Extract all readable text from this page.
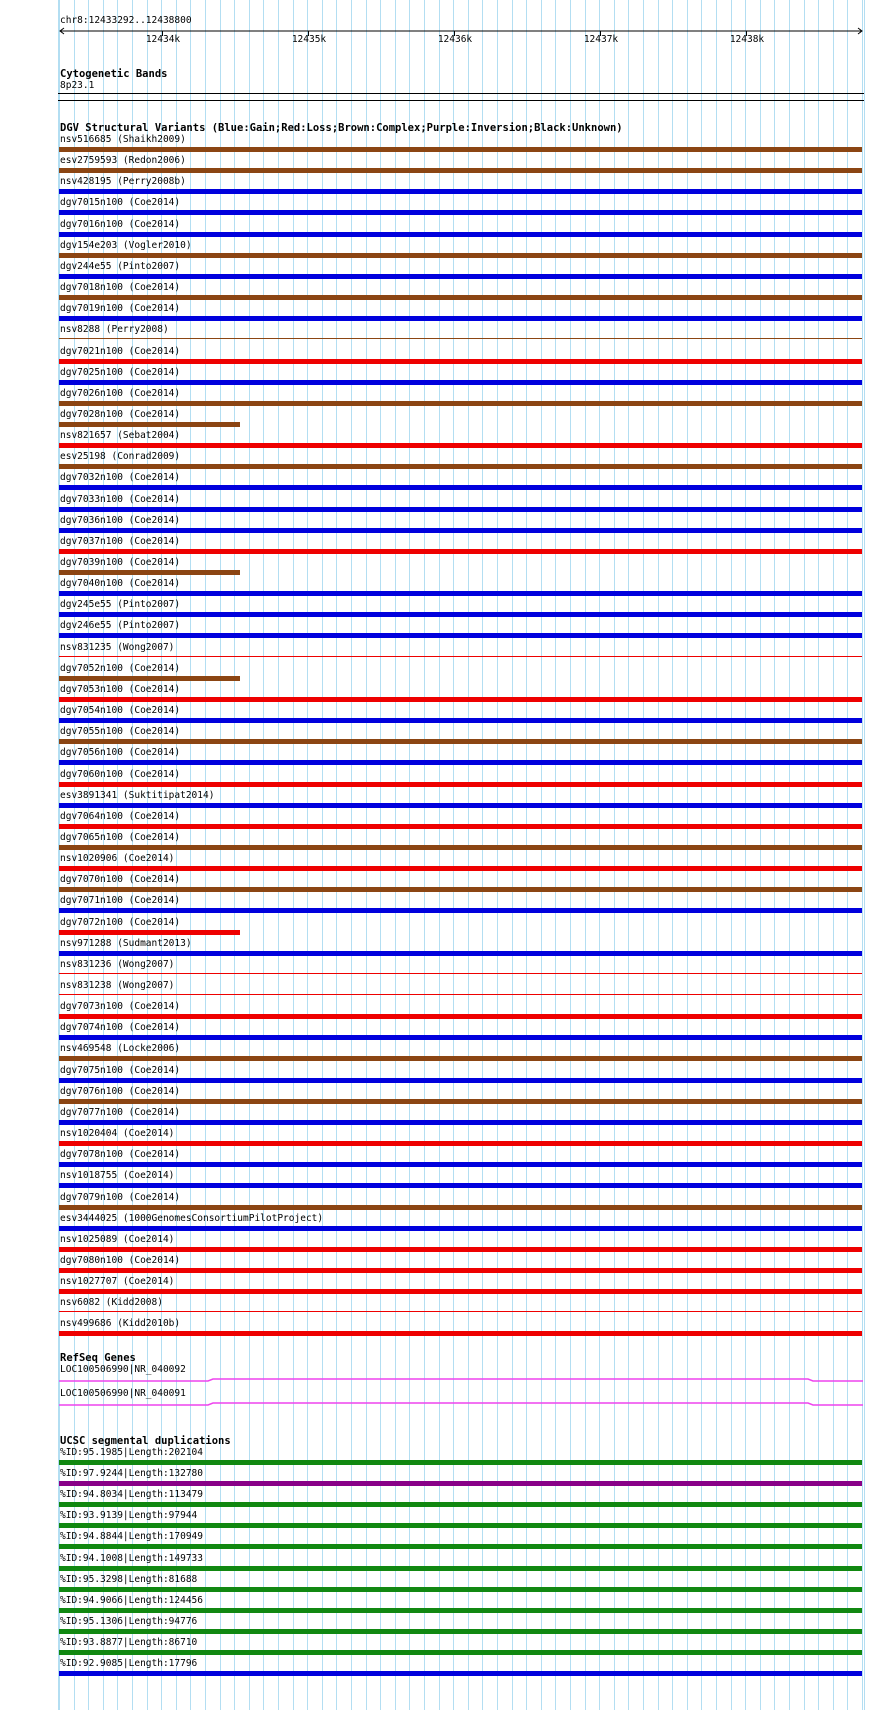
chr8:12433292..12438800
12434k	12435k	12436k	12437k	12438k
Cytogenetic Bands
8p23.1
DGV Structural Variants (Blue:Gain;Red:Loss;Brown:Complex;Purple:Inversion;Black:Unknown)
nsv516685 (Shaikh2009)
esv2759593 (Redon2006)
nsv428195 (Perry2008b)
dgv7015n100 (Coe2014)
dgv7016n100 (Coe2014)
dgv154e203 (Vogler2010)
dgv244e55 (Pinto2007)
dgv7018n100 (Coe2014)
dgv7019n100 (Coe2014)
nsv8288 (Perry2008)
dgv7021n100 (Coe2014)
dgv7025n100 (Coe2014)
dgv7026n100 (Coe2014)
dgv7028n100 (Coe2014)
nsv821657 (Sebat2004)
esv25198 (Conrad2009)
dgv7032n100 (Coe2014)
dgv7033n100 (Coe2014)
dgv7036n100 (Coe2014)
dgv7037n100 (Coe2014)
dgv7039n100 (Coe2014)
dgv7040n100 (Coe2014)
dgv245e55 (Pinto2007)
dgv246e55 (Pinto2007)
nsv831235 (Wong2007)
dgv7052n100 (Coe2014)
dgv7053n100 (Coe2014)
dgv7054n100 (Coe2014)
dgv7055n100 (Coe2014)
dgv7056n100 (Coe2014)
dgv7060n100 (Coe2014)
esv3891341 (Suktitipat2014)
dgv7064n100 (Coe2014)
dgv7065n100 (Coe2014)
nsv1020906 (Coe2014)
dgv7070n100 (Coe2014)
dgv7071n100 (Coe2014)
dgv7072n100 (Coe2014)
nsv971288 (Sudmant2013)
nsv831236 (Wong2007)
nsv831238 (Wong2007)
dgv7073n100 (Coe2014)
dgv7074n100 (Coe2014)
nsv469548 (Locke2006)
dgv7075n100 (Coe2014)
dgv7076n100 (Coe2014)
dgv7077n100 (Coe2014)
nsv1020404 (Coe2014)
dgv7078n100 (Coe2014)
nsv1018755 (Coe2014)
dgv7079n100 (Coe2014)
esv3444025 (1000GenomesConsortiumPilotProject)
nsv1025089 (Coe2014)
dgv7080n100 (Coe2014)
nsv1027707 (Coe2014)
nsv6082 (Kidd2008)
nsv499686 (Kidd2010b)
RefSeq Genes
LOC100506990|NR_040092
LOC100506990|NR_040091
UCSC segmental duplications
%ID:95.1985|Length:202104
%ID:97.9244|Length:132780
%ID:94.8034|Length:113479
%ID:93.9139|Length:97944
%ID:94.8844|Length:170949
%ID:94.1008|Length:149733
%ID:95.3298|Length:81688
%ID:94.9066|Length:124456
%ID:95.1306|Length:94776
%ID:93.8877|Length:86710
%ID:92.9085|Length:17796
